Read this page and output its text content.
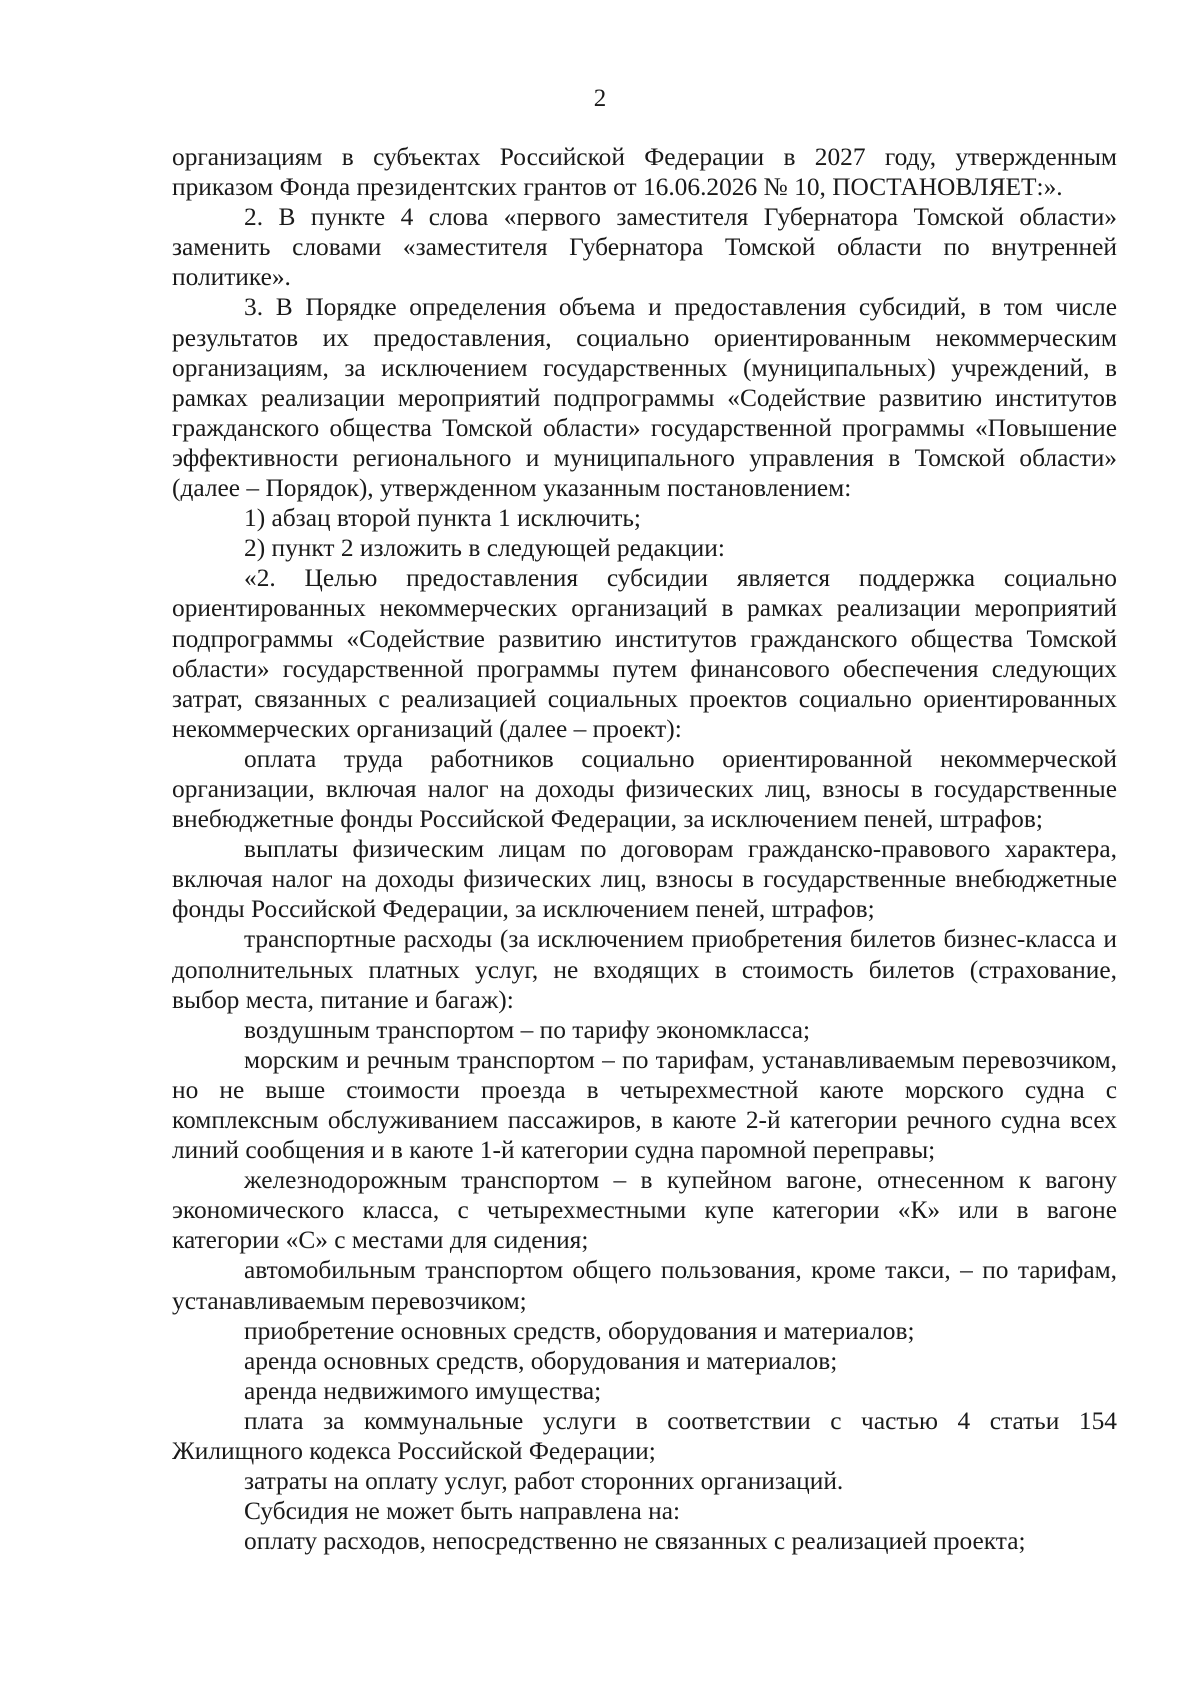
2

организациям в субъектах Российской Федерации в 2027 году, утвержденным приказом Фонда президентских грантов от 16.06.2026 № 10, ПОСТАНОВЛЯЕТ:».

2. В пункте 4 слова «первого заместителя Губернатора Томской области» заменить словами «заместителя Губернатора Томской области по внутренней политике».

3. В Порядке определения объема и предоставления субсидий, в том числе результатов их предоставления, социально ориентированным некоммерческим организациям, за исключением государственных (муниципальных) учреждений, в рамках реализации мероприятий подпрограммы «Содействие развитию институтов гражданского общества Томской области» государственной программы «Повышение эффективности регионального и муниципального управления в Томской области» (далее – Порядок), утвержденном указанным постановлением:

1) абзац второй пункта 1 исключить;

2) пункт 2 изложить в следующей редакции:

«2. Целью предоставления субсидии является поддержка социально ориентированных некоммерческих организаций в рамках реализации мероприятий подпрограммы «Содействие развитию институтов гражданского общества Томской области» государственной программы путем финансового обеспечения следующих затрат, связанных с реализацией социальных проектов социально ориентированных некоммерческих организаций (далее – проект):

оплата труда работников социально ориентированной некоммерческой организации, включая налог на доходы физических лиц, взносы в государственные внебюджетные фонды Российской Федерации, за исключением пеней, штрафов;

выплаты физическим лицам по договорам гражданско-правового характера, включая налог на доходы физических лиц, взносы в государственные внебюджетные фонды Российской Федерации, за исключением пеней, штрафов;

транспортные расходы (за исключением приобретения билетов бизнес-класса и дополнительных платных услуг, не входящих в стоимость билетов (страхование, выбор места, питание и багаж):

воздушным транспортом – по тарифу экономкласса;

морским и речным транспортом – по тарифам, устанавливаемым перевозчиком, но не выше стоимости проезда в четырехместной каюте морского судна с комплексным обслуживанием пассажиров, в каюте 2-й категории речного судна всех линий сообщения и в каюте 1-й категории судна паромной переправы;

железнодорожным транспортом – в купейном вагоне, отнесенном к вагону экономического класса, с четырехместными купе категории «К» или в вагоне категории «С» с местами для сидения;

автомобильным транспортом общего пользования, кроме такси, – по тарифам, устанавливаемым перевозчиком;

приобретение основных средств, оборудования и материалов;

аренда основных средств, оборудования и материалов;

аренда недвижимого имущества;

плата за коммунальные услуги в соответствии с частью 4 статьи 154 Жилищного кодекса Российской Федерации;

затраты на оплату услуг, работ сторонних организаций.

Субсидия не может быть направлена на:

оплату расходов, непосредственно не связанных с реализацией проекта;
